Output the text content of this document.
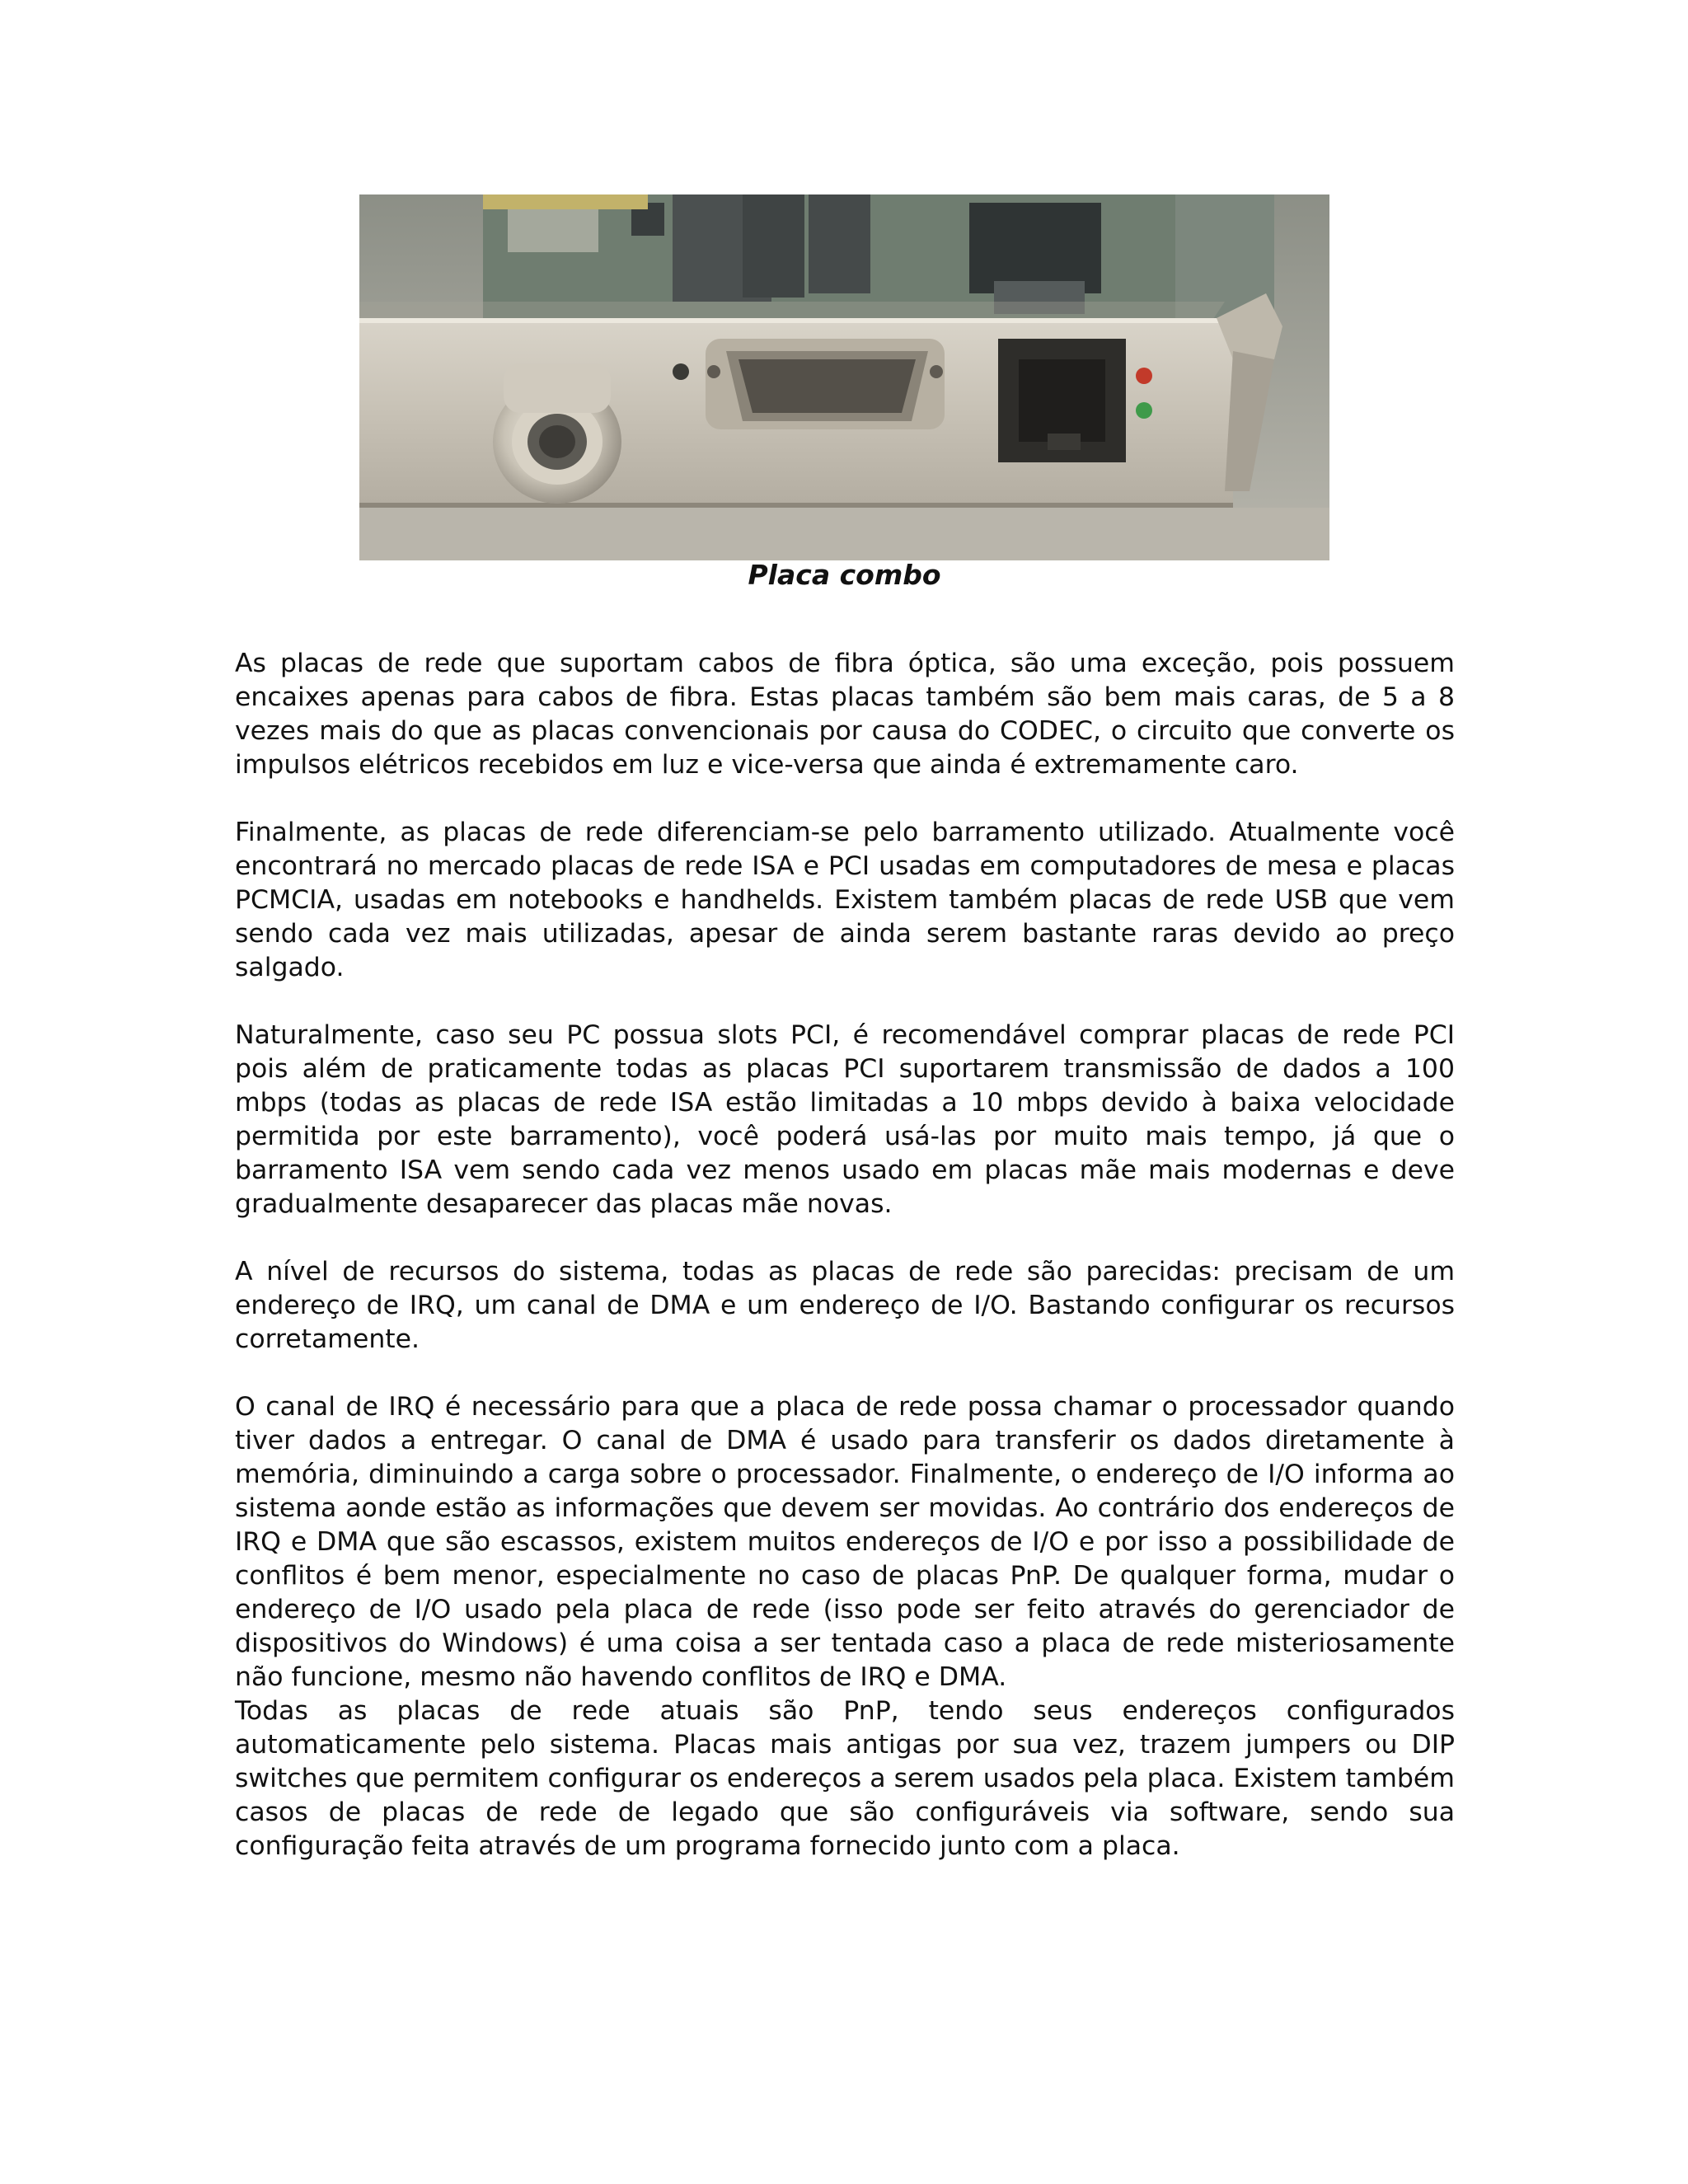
Placa combo

As placas de rede que suportam cabos de fibra óptica, são uma exceção, pois possuem encaixes apenas para cabos de fibra. Estas placas também são bem mais caras, de 5 a 8 vezes mais do que as placas convencionais por causa do CODEC, o circuito que converte os impulsos elétricos recebidos em luz e vice-versa que ainda é extremamente caro.

Finalmente, as placas de rede diferenciam-se pelo barramento utilizado. Atualmente você encontrará no mercado placas de rede ISA e PCI usadas em computadores de mesa e placas PCMCIA, usadas em notebooks e handhelds. Existem também placas de rede USB que vem sendo cada vez mais utilizadas, apesar de ainda serem bastante raras devido ao preço salgado.

Naturalmente, caso seu PC possua slots PCI, é recomendável comprar placas de rede PCI pois além de praticamente todas as placas PCI suportarem transmissão de dados a 100 mbps (todas as placas de rede ISA estão limitadas a 10 mbps devido à baixa velocidade permitida por este barramento), você poderá usá-las por muito mais tempo, já que o barramento ISA vem sendo cada vez menos usado em placas mãe mais modernas e deve gradualmente desaparecer das placas mãe novas.

A nível de recursos do sistema, todas as placas de rede são parecidas: precisam de um endereço de IRQ, um canal de DMA e um endereço de I/O. Bastando configurar os recursos corretamente.

O canal de IRQ é necessário para que a placa de rede possa chamar o processador quando tiver dados a entregar. O canal de DMA é usado para transferir os dados diretamente à memória, diminuindo a carga sobre o processador. Finalmente, o endereço de I/O informa ao sistema aonde estão as informações que devem ser movidas. Ao contrário dos endereços de IRQ e DMA que são escassos, existem muitos endereços de I/O e por isso a possibilidade de conflitos é bem menor, especialmente no caso de placas PnP. De qualquer forma, mudar o endereço de I/O usado pela placa de rede (isso pode ser feito através do gerenciador de dispositivos do Windows) é uma coisa a ser tentada caso a placa de rede misteriosamente não funcione, mesmo não havendo conflitos de IRQ e DMA.

Todas as placas de rede atuais são PnP, tendo seus endereços configurados automaticamente pelo sistema. Placas mais antigas por sua vez, trazem jumpers ou DIP switches que permitem configurar os endereços a serem usados pela placa. Existem também casos de placas de rede de legado que são configuráveis via software, sendo sua configuração feita através de um programa fornecido junto com a placa.
